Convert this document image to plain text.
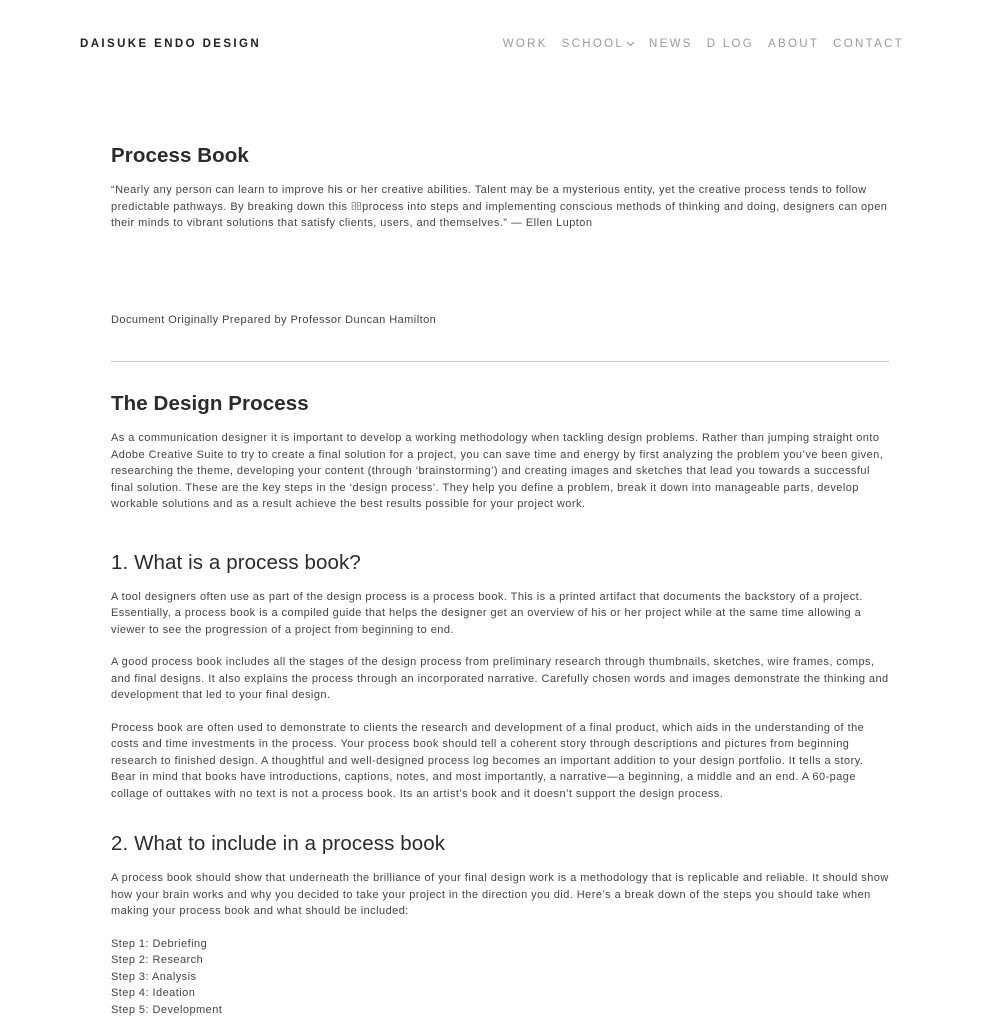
DAISUKE ENDO DESIGN	WORK SCHOOL NEWS D LOG ABOUT CONTACT
Process Book

“Nearly any person can learn to improve his or her creative abilities. Talent may be a mysterious entity, yet the creative process tends to follow predictable pathways. By breaking down this process into steps and implementing conscious methods of thinking and doing, designers can open their minds to vibrant solutions that satisfy clients, users, and themselves.” — Ellen Lupton

Document Originally Prepared by Professor Duncan Hamilton

The Design Process

As a communication designer it is important to develop a working methodology when tackling design problems. Rather than jumping straight onto Adobe Creative Suite to try to create a final solution for a project, you can save time and energy by first analyzing the problem you’ve been given, researching the theme, developing your content (through ‘brainstorming’) and creating images and sketches that lead you towards a successful final solution. These are the key steps in the ‘design process’. They help you define a problem, break it down into manageable parts, develop workable solutions and as a result achieve the best results possible for your project work.

1. What is a process book?

A tool designers often use as part of the design process is a process book. This is a printed artifact that documents the backstory of a project. Essentially, a process book is a compiled guide that helps the designer get an overview of his or her project while at the same time allowing a viewer to see the progression of a project from beginning to end.

A good process book includes all the stages of the design process from preliminary research through thumbnails, sketches, wire frames, comps, and final designs. It also explains the process through an incorporated narrative. Carefully chosen words and images demonstrate the thinking and development that led to your final design.

Process book are often used to demonstrate to clients the research and development of a final product, which aids in the understanding of the costs and time investments in the process. Your process book should tell a coherent story through descriptions and pictures from beginning research to finished design. A thoughtful and well-designed process log becomes an important addition to your design portfolio. It tells a story. Bear in mind that books have introductions, captions, notes, and most importantly, a narrative—a beginning, a middle and an end. A 60-page collage of outtakes with no text is not a process book. Its an artist’s book and it doesn’t support the design process.

2. What to include in a process book

A process book should show that underneath the brilliance of your final design work is a methodology that is replicable and reliable. It should show how your brain works and why you decided to take your project in the direction you did. Here’s a break down of the steps you should take when making your process book and what should be included:

Step 1: Debriefing
Step 2: Research
Step 3: Analysis
Step 4: Ideation
Step 5: Development
